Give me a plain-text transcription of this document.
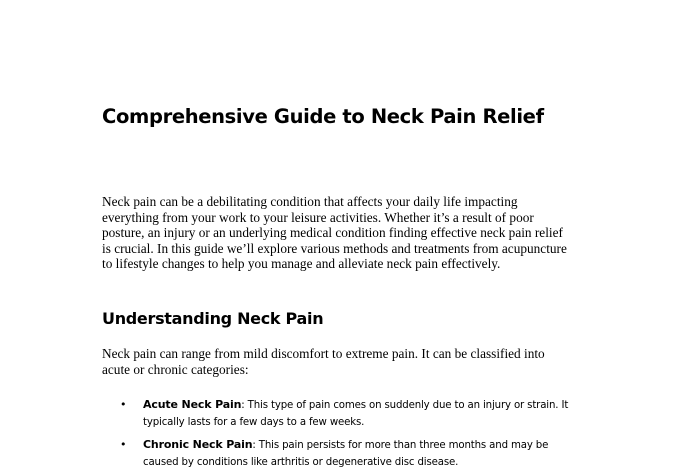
Comprehensive Guide to Neck Pain Relief

Neck pain can be a debilitating condition that affects your daily life impacting everything from your work to your leisure activities. Whether it’s a result of poor posture, an injury or an underlying medical condition finding effective neck pain relief is crucial. In this guide we’ll explore various methods and treatments from acupuncture to lifestyle changes to help you manage and alleviate neck pain effectively.

Understanding Neck Pain

Neck pain can range from mild discomfort to extreme pain. It can be classified into acute or chronic categories:

• Acute Neck Pain: This type of pain comes on suddenly due to an injury or strain. It typically lasts for a few days to a few weeks.
• Chronic Neck Pain: This pain persists for more than three months and may be caused by conditions like arthritis or degenerative disc disease.
